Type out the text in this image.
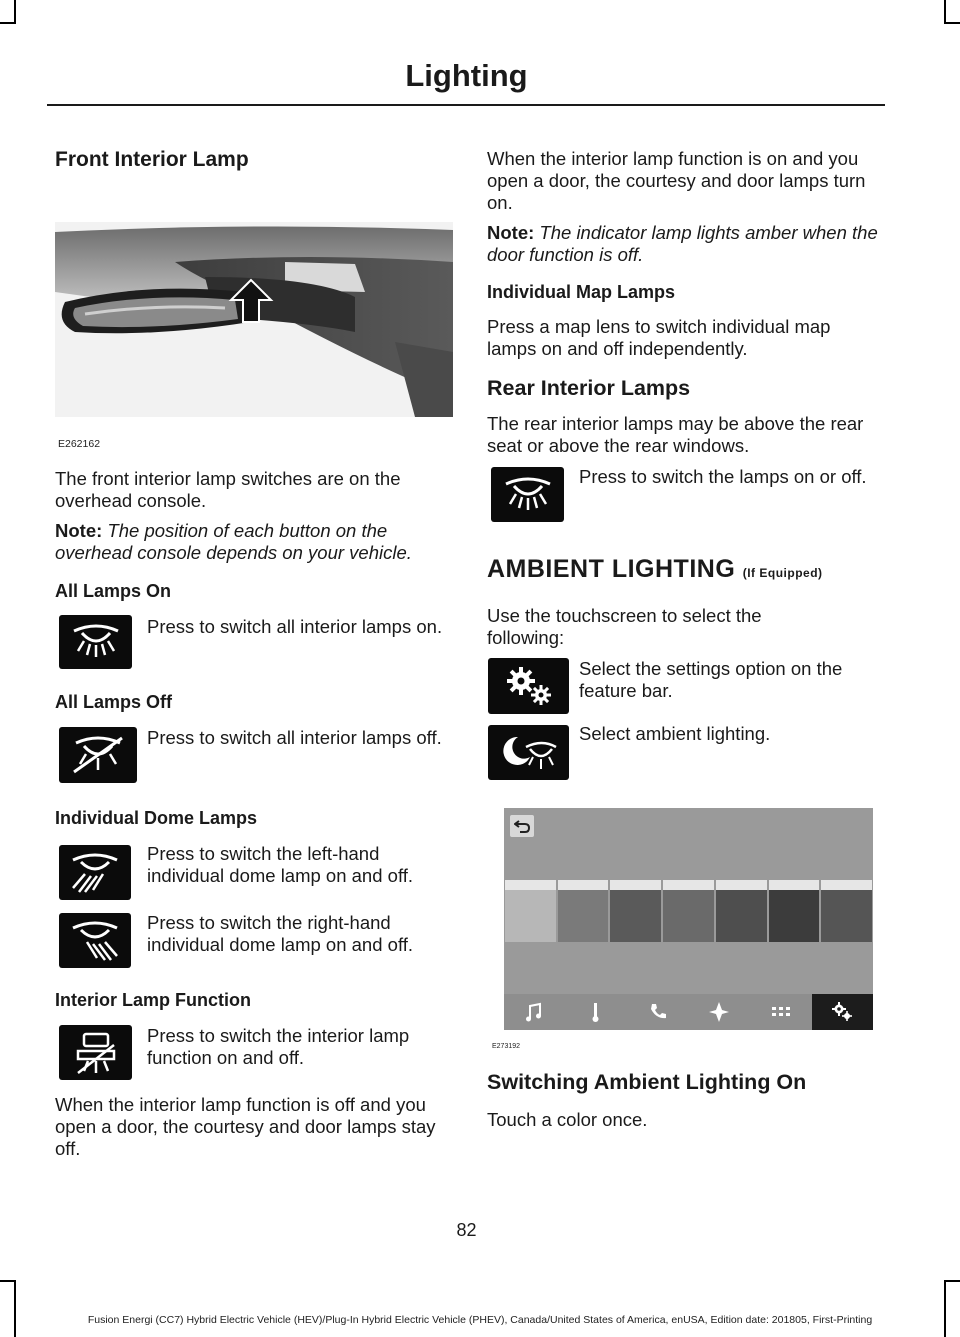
Lighting
Front Interior Lamp
E262162

The front interior lamp switches are on the overhead console.

Note: The position of each button on the overhead console depends on your vehicle.

All Lamps On

Press to switch all interior lamps on.

All Lamps Off

Press to switch all interior lamps off.

Individual Dome Lamps

Press to switch the left-hand individual dome lamp on and off.

Press to switch the right-hand individual dome lamp on and off.

Interior Lamp Function

Press to switch the interior lamp function on and off.

When the interior lamp function is off and you open a door, the courtesy and door lamps stay off.

When the interior lamp function is on and you open a door, the courtesy and door lamps turn on.

Note: The indicator lamp lights amber when the door function is off.

Individual Map Lamps

Press a map lens to switch individual map lamps on and off independently.

Rear Interior Lamps

The rear interior lamps may be above the rear seat or above the rear windows.

Press to switch the lamps on or off.

AMBIENT LIGHTING (If Equipped)

Use the touchscreen to select the following:

Select the settings option on the feature bar.

Select ambient lighting.

E273192
Switching Ambient Lighting On

Touch a color once.

82
Fusion Energi (CC7) Hybrid Electric Vehicle (HEV)/Plug-In Hybrid Electric Vehicle (PHEV), Canada/United States of America, enUSA, Edition date: 201805, First-Printing
